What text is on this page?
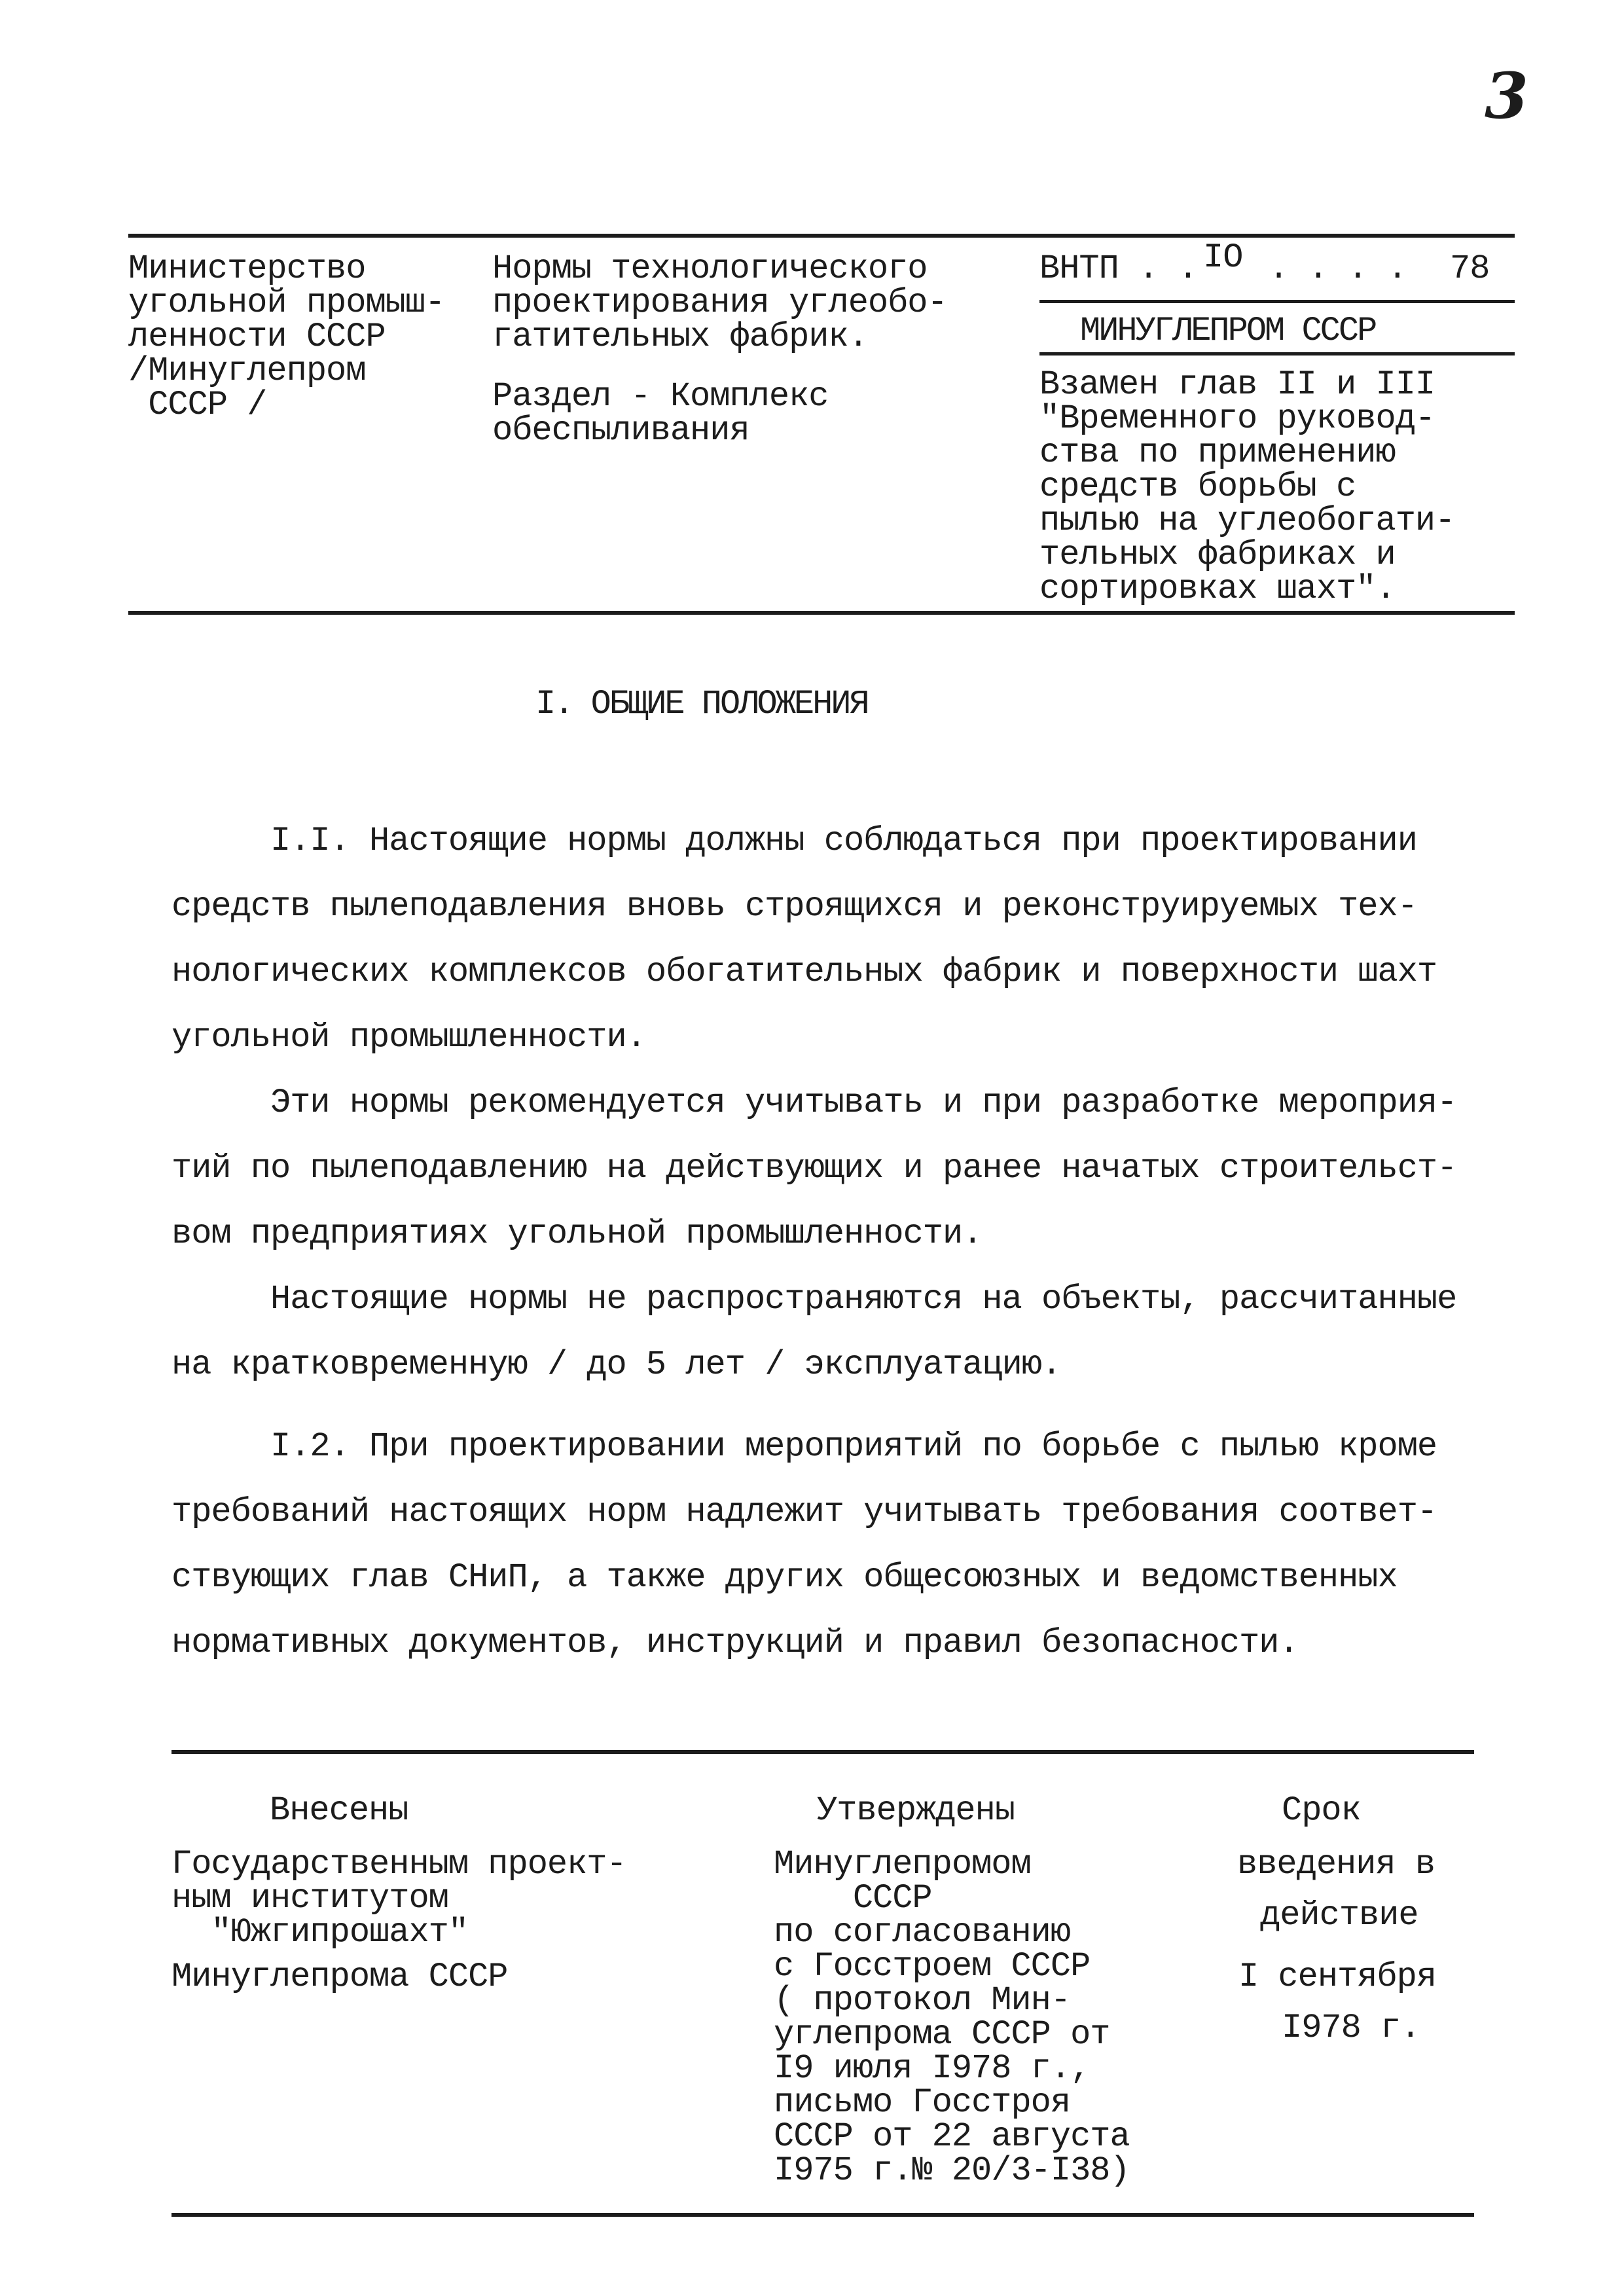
3
Министерство
угольной промыш-
ленности СССР
/Минуглепром
СССР /
Нормы технологического
проектирования углеобо-
гатительных фабрик.
Раздел - Комплекс
обеспыливания
ВНТП . . IO . . . . 78
МИНУГЛЕПРОМ СССР
Взамен глав II и III
"Временного руковод-
ства по применению
средств борьбы с
пылью на углеобогати-
тельных фабриках и
сортировках шахт".
I. ОБЩИЕ ПОЛОЖЕНИЯ
I.I. Настоящие нормы должны соблюдаться при проектировании
средств пылеподавления вновь строящихся и реконструируемых тех-
нологических комплексов обогатительных фабрик и поверхности шахт
угольной промышленности.
Эти нормы рекомендуется учитывать и при разработке мероприя-
тий по пылеподавлению на действующих и ранее начатых строительст-
вом предприятиях угольной промышленности.
Настоящие нормы не распространяются на объекты, рассчитанные
на кратковременную / до 5 лет / эксплуатацию.
I.2. При проектировании мероприятий по борьбе с пылью кроме
требований настоящих норм надлежит учитывать требования соответ-
ствующих глав СНиП, а также других общесоюзных и ведомственных
нормативных документов, инструкций и правил безопасности.
Внесены
Государственным проект-
ным институтом
"Южгипрошахт"
Минуглепрома СССР
Утверждены
Минуглепромом
СССР
по согласованию
с Госстроем СССР
( протокол Мин-
углепрома СССР от
I9 июля I978 г.,
письмо Госстроя
СССР от 22 августа
I975 г.№ 20/3-I38)
Срок
введения в
действие
I сентября
I978 г.
